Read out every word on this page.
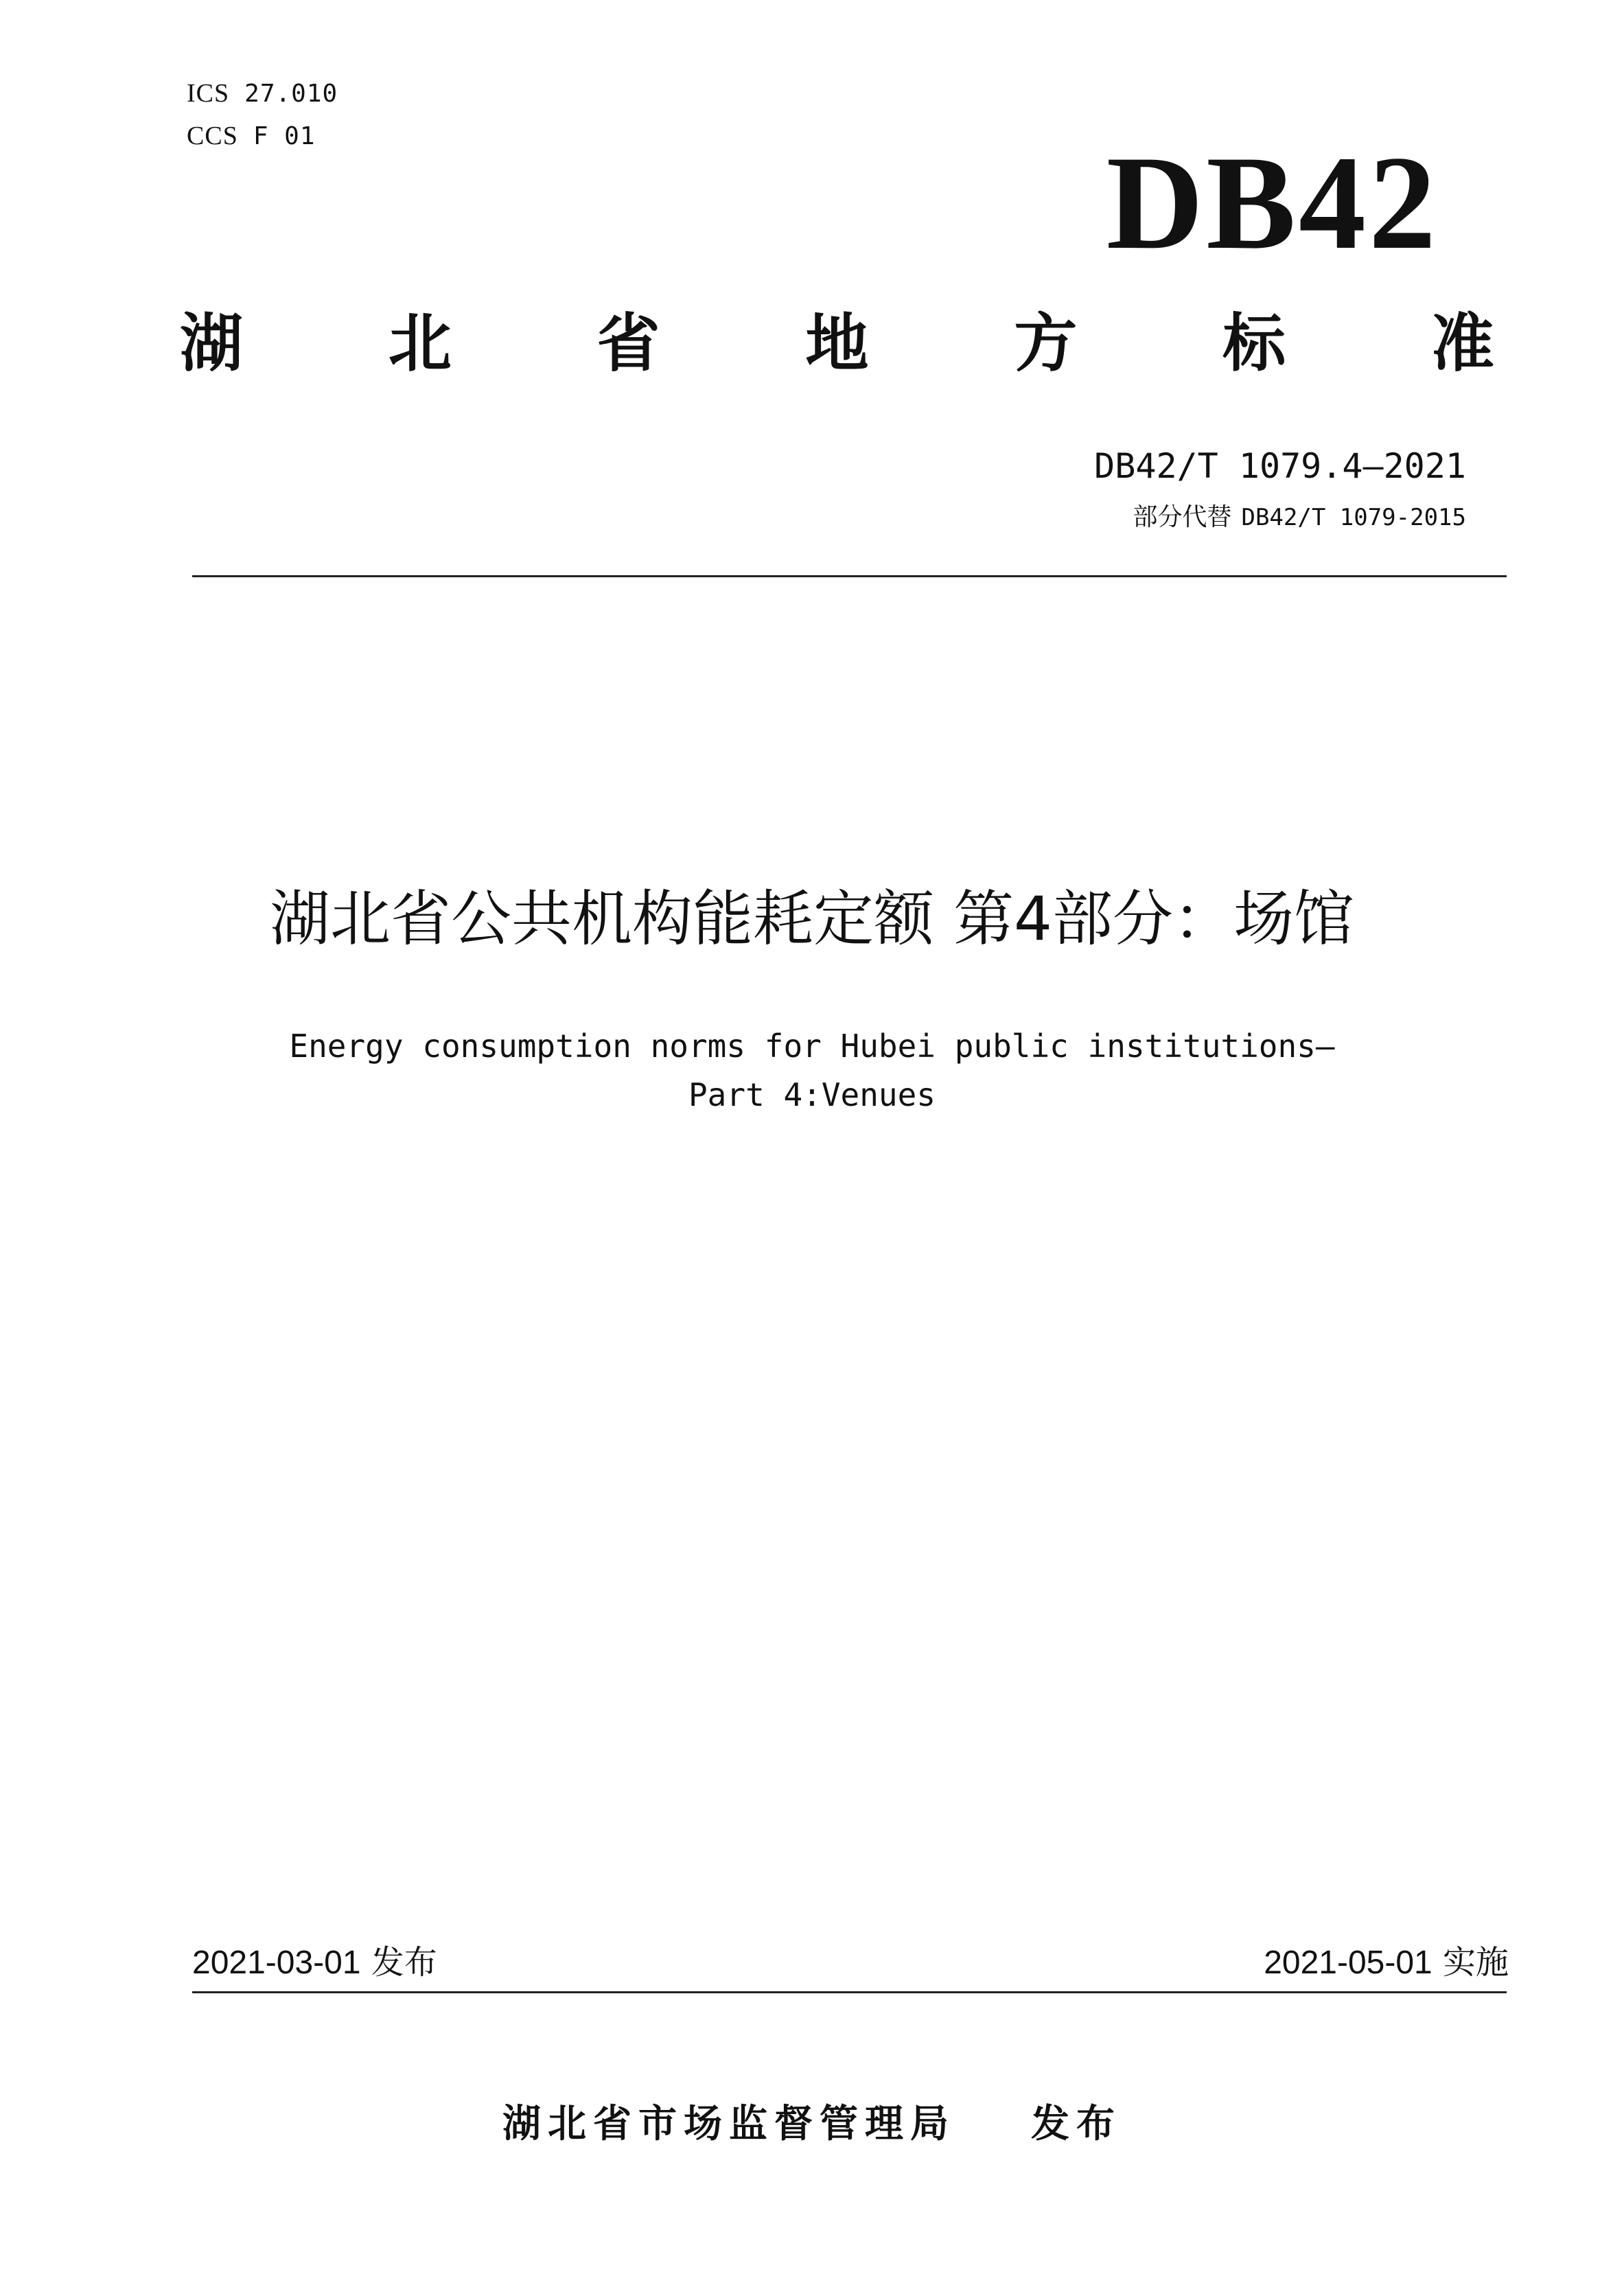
ICS 27.010
CCS F 01	DB42
湖 北 省 地 方 标 准
DB42/T 1079.4—2021
部分代替 DB42/T 1079-2015
湖北省公共机构能耗定额 第4部分：场馆
Energy consumption norms for Hubei public institutions—
Part 4:Venues
2021-03-01 发布	2021-05-01 实施
湖北省市场监督管理局 发布
